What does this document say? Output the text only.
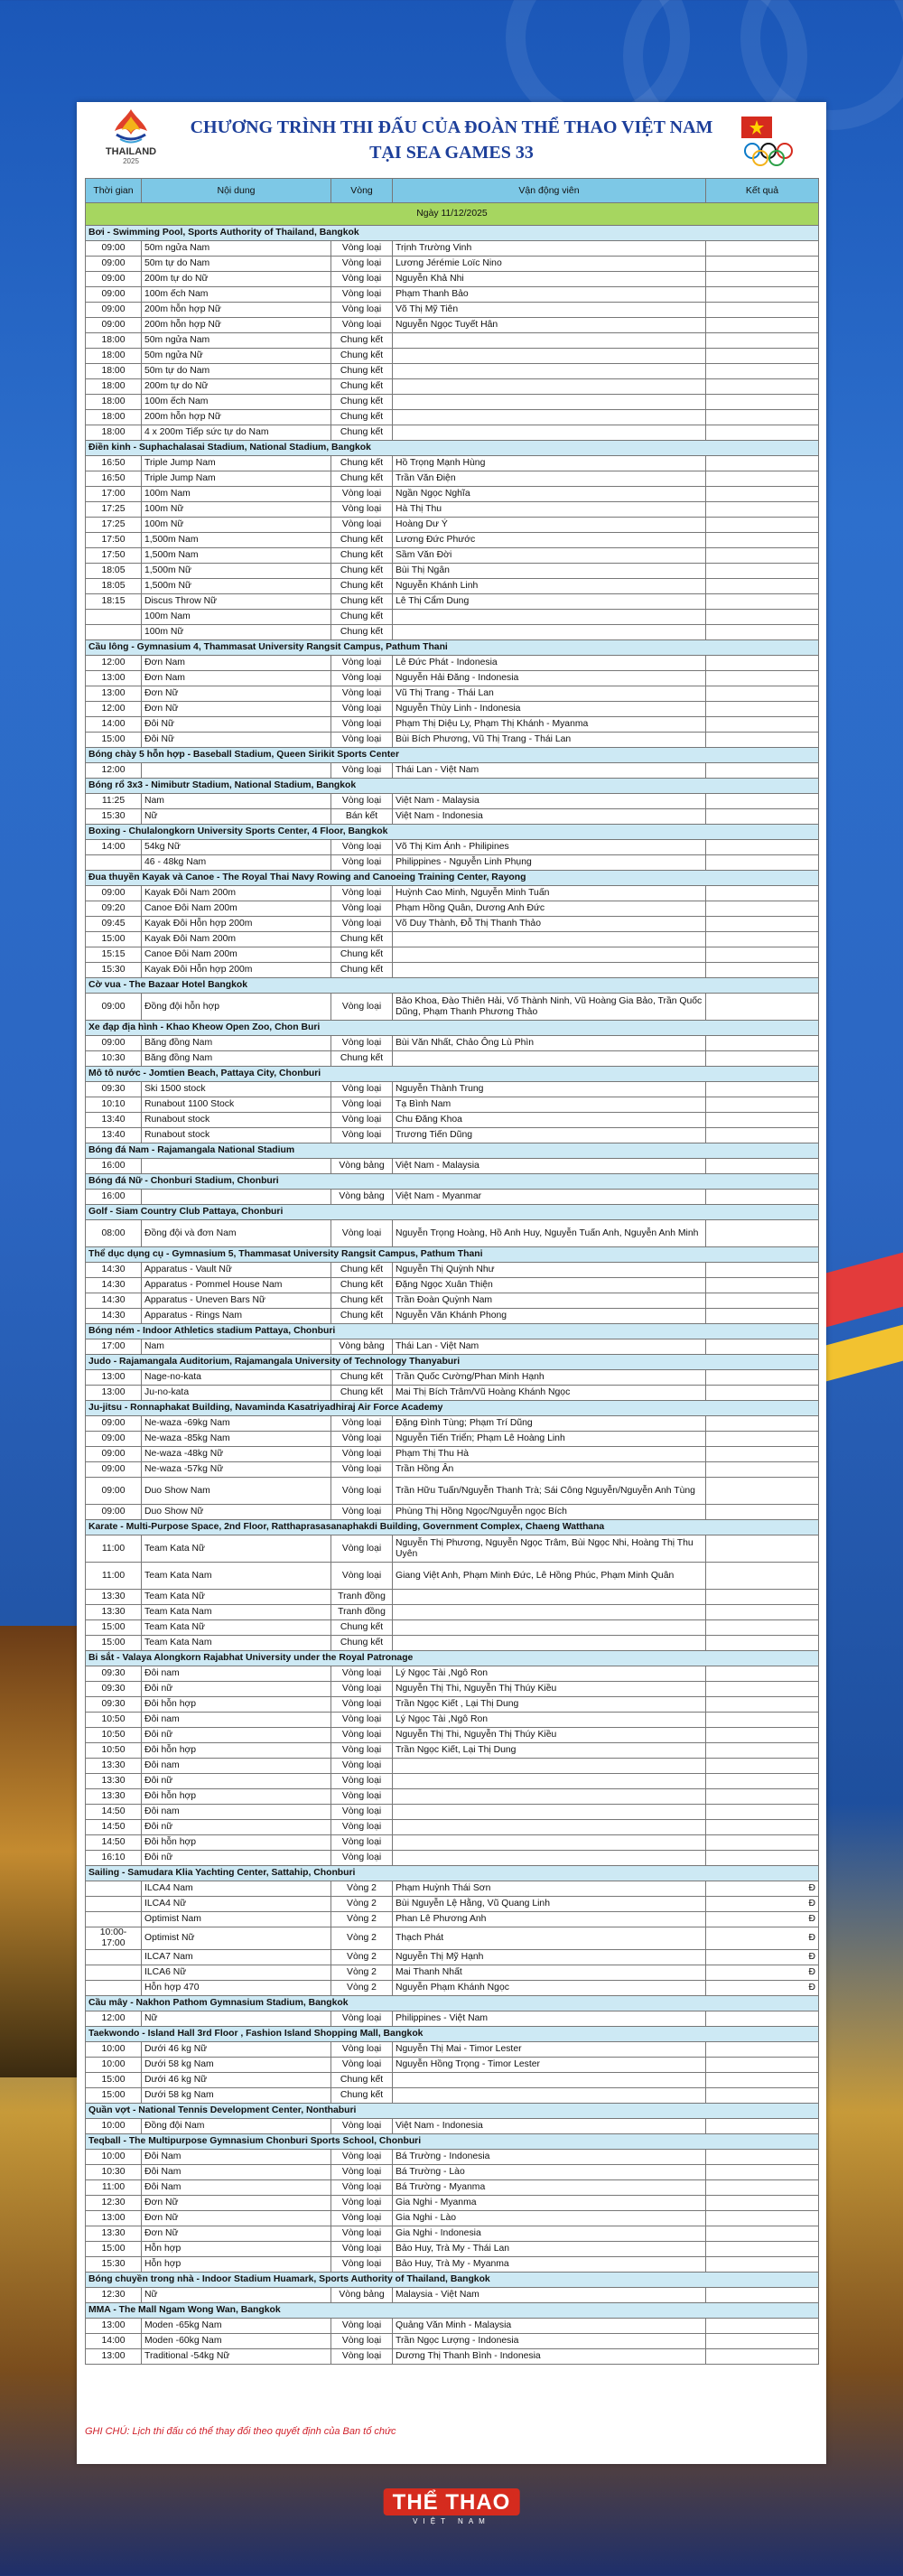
THAILAND
2025
CHƯƠNG TRÌNH THI ĐẤU CỦA ĐOÀN THỂ THAO VIỆT NAM
TẠI SEA GAMES 33
Thời gian	Nội dung	Vòng	Vận động viên	Kết quả
Ngày 11/12/2025				
Bơi - Swimming Pool, Sports Authority of Thailand, Bangkok				
09:00	50m ngửa Nam	Vòng loại	Trịnh Trường Vinh	
09:00	50m tự do Nam	Vòng loại	Lương Jérémie Loïc Nino	
09:00	200m tự do Nữ	Vòng loại	Nguyễn Khả Nhi	
09:00	100m ếch Nam	Vòng loại	Phạm Thanh Bảo	
09:00	200m hỗn hợp Nữ	Vòng loại	Võ Thị Mỹ Tiên	
09:00	200m hỗn hợp Nữ	Vòng loại	Nguyễn Ngọc Tuyết Hân	
18:00	50m ngửa Nam	Chung kết		
18:00	50m ngửa Nữ	Chung kết		
18:00	50m tự do Nam	Chung kết		
18:00	200m tự do Nữ	Chung kết		
18:00	100m ếch Nam	Chung kết		
18:00	200m hỗn hợp Nữ	Chung kết		
18:00	4 x 200m Tiếp sức tự do Nam	Chung kết		
Điền kinh - Suphachalasai Stadium, National Stadium, Bangkok				
16:50	Triple Jump Nam	Chung kết	Hồ Trọng Mạnh Hùng	
16:50	Triple Jump Nam	Chung kết	Trần Văn Điện	
17:00	100m Nam	Vòng loại	Ngần Ngọc Nghĩa	
17:25	100m Nữ	Vòng loại	Hà Thị Thu	
17:25	100m Nữ	Vòng loại	Hoàng Dư Ý	
17:50	1,500m Nam	Chung kết	Lương Đức Phước	
17:50	1,500m Nam	Chung kết	Sầm Văn Đời	
18:05	1,500m Nữ	Chung kết	Bùi Thị Ngân	
18:05	1,500m Nữ	Chung kết	Nguyễn Khánh Linh	
18:15	Discus Throw Nữ	Chung kết	Lê Thị Cẩm Dung	
	100m Nam	Chung kết		
	100m Nữ	Chung kết		
Cầu lông - Gymnasium 4, Thammasat University Rangsit Campus, Pathum Thani				
12:00	Đơn Nam	Vòng loại	Lê Đức Phát - Indonesia	
13:00	Đơn Nam	Vòng loại	Nguyễn Hải Đăng - Indonesia	
13:00	Đơn Nữ	Vòng loại	Vũ Thị Trang - Thái Lan	
12:00	Đơn Nữ	Vòng loại	Nguyễn Thùy Linh - Indonesia	
14:00	Đôi Nữ	Vòng loại	Phạm Thị Diệu Ly, Phạm Thị Khánh - Myanma	
15:00	Đôi Nữ	Vòng loại	Bùi Bích Phương, Vũ Thị Trang - Thái Lan	
Bóng chày 5 hỗn hợp - Baseball Stadium, Queen Sirikit Sports Center				
12:00		Vòng loại	Thái Lan - Việt Nam	
Bóng rổ 3x3 - Nimibutr Stadium, National Stadium, Bangkok				
11:25	Nam	Vòng loại	Việt Nam - Malaysia	
15:30	Nữ	Bán kết	Việt Nam - Indonesia	
Boxing - Chulalongkorn University Sports Center, 4 Floor, Bangkok				
14:00	54kg Nữ	Vòng loại	Võ Thị Kim Ánh - Philipines	
	46 - 48kg Nam	Vòng loại	Philippines - Nguyễn Linh Phụng	
Đua thuyền Kayak và Canoe - The Royal Thai Navy Rowing and Canoeing Training Center, Rayong				
09:00	Kayak Đôi Nam 200m	Vòng loại	Huỳnh Cao Minh, Nguyễn Minh Tuấn	
09:20	Canoe Đôi Nam 200m	Vòng loại	Phạm Hồng Quân, Dương Anh Đức	
09:45	Kayak Đôi Hỗn hợp 200m	Vòng loại	Võ Duy Thành, Đỗ Thị Thanh Thảo	
15:00	Kayak Đôi Nam 200m	Chung kết		
15:15	Canoe Đôi Nam 200m	Chung kết		
15:30	Kayak Đôi Hỗn hợp 200m	Chung kết		
Cờ vua - The Bazaar Hotel Bangkok				
09:00	Đồng đội hỗn hợp	Vòng loại	Bảo Khoa, Đào Thiên Hải, Vố Thành Ninh, Vũ Hoàng Gia Bảo, Trần Quốc Dũng, Phạm Thanh Phương Thảo	
Xe đạp địa hình - Khao Kheow Open Zoo, Chon Buri				
09:00	Băng đồng Nam	Vòng loại	Bùi Văn Nhất, Chảo Ông Lù Phìn	
10:30	Băng đồng Nam	Chung kết		
Mô tô nước - Jomtien Beach, Pattaya City, Chonburi				
09:30	Ski 1500 stock	Vòng loại	Nguyễn Thành Trung	
10:10	Runabout 1100 Stock	Vòng loại	Tạ Bình Nam	
13:40	Runabout stock	Vòng loại	Chu Đăng Khoa	
13:40	Runabout stock	Vòng loại	Trương Tiến Dũng	
Bóng đá Nam - Rajamangala National Stadium				
16:00		Vòng bảng	Việt Nam - Malaysia	
Bóng đá Nữ - Chonburi Stadium, Chonburi				
16:00		Vòng bảng	Việt Nam - Myanmar	
Golf - Siam Country Club Pattaya, Chonburi				
08:00	Đồng đội và đơn Nam	Vòng loại	Nguyễn Trọng Hoàng, Hồ Anh Huy, Nguyễn Tuấn Anh, Nguyễn Anh Minh	
Thể dục dụng cụ - Gymnasium 5, Thammasat University Rangsit Campus, Pathum Thani				
14:30	Apparatus - Vault Nữ	Chung kết	Nguyễn Thị Quỳnh Như	
14:30	Apparatus - Pommel House Nam	Chung kết	Đặng Ngọc Xuân Thiện	
14:30	Apparatus - Uneven Bars Nữ	Chung kết	Trần Đoàn Quỳnh Nam	
14:30	Apparatus - Rings Nam	Chung kết	Nguyễn Văn Khánh Phong	
Bóng ném - Indoor Athletics stadium Pattaya, Chonburi				
17:00	Nam	Vòng bảng	Thái Lan - Việt Nam	
Judo - Rajamangala Auditorium, Rajamangala University of Technology Thanyaburi				
13:00	Nage-no-kata	Chung kết	Trần Quốc Cường/Phan Minh Hạnh	
13:00	Ju-no-kata	Chung kết	Mai Thị Bích Trâm/Vũ Hoàng Khánh Ngọc	
Ju-jitsu - Ronnaphakat Building, Navaminda Kasatriyadhiraj Air Force Academy				
09:00	Ne-waza -69kg Nam	Vòng loại	Đặng Đình Tùng; Phạm Trí Dũng	
09:00	Ne-waza -85kg Nam	Vòng loại	Nguyễn Tiến Triển; Phạm Lê Hoàng Linh	
09:00	Ne-waza -48kg Nữ	Vòng loại	Phạm Thị Thu Hà	
09:00	Ne-waza -57kg Nữ	Vòng loại	Trần Hồng Ân	
09:00	Duo Show Nam	Vòng loại	Trần Hữu Tuấn/Nguyễn Thanh Trà; Sái Công Nguyễn/Nguyễn Anh Tùng	
09:00	Duo Show Nữ	Vòng loại	Phùng Thị Hồng Ngọc/Nguyễn ngọc Bích	
Karate - Multi-Purpose Space, 2nd Floor, Ratthaprasasanaphakdi Building, Government Complex, Chaeng Watthana				
11:00	Team Kata Nữ	Vòng loại	Nguyễn Thị Phương, Nguyễn Ngọc Trâm, Bùi Ngọc Nhi, Hoàng Thị Thu Uyên	
11:00	Team Kata Nam	Vòng loại	Giang Việt Anh, Phạm Minh Đức, Lê Hồng Phúc, Phạm Minh Quân	
13:30	Team Kata Nữ	Tranh đồng		
13:30	Team Kata Nam	Tranh đồng		
15:00	Team Kata Nữ	Chung kết		
15:00	Team Kata Nam	Chung kết		
Bi sắt - Valaya Alongkorn Rajabhat University under the Royal Patronage				
09:30	Đôi nam	Vòng loại	Lý Ngọc Tài ,Ngô Ron	
09:30	Đôi nữ	Vòng loại	Nguyễn Thị Thi, Nguyễn Thị Thúy Kiều	
09:30	Đôi hỗn hợp	Vòng loại	Trần Ngọc Kiết , Lại Thị Dung	
10:50	Đôi nam	Vòng loại	Lý Ngọc Tài ,Ngô Ron	
10:50	Đôi nữ	Vòng loại	Nguyễn Thị Thi, Nguyễn Thị Thúy Kiều	
10:50	Đôi hỗn hợp	Vòng loại	Trần Ngọc Kiết, Lại Thị Dung	
13:30	Đôi nam	Vòng loại		
13:30	Đôi nữ	Vòng loại		
13:30	Đôi hỗn hợp	Vòng loại		
14:50	Đôi nam	Vòng loại		
14:50	Đôi nữ	Vòng loại		
14:50	Đôi hỗn hợp	Vòng loại		
16:10	Đôi nữ	Vòng loại		
Sailing - Samudara Klia Yachting Center, Sattahip, Chonburi				
	ILCA4 Nam	Vòng 2	Phạm Huỳnh Thái Sơn	Đ
	ILCA4 Nữ	Vòng 2	Bùi Nguyễn Lệ Hằng, Vũ Quang Linh	Đ
	Optimist Nam	Vòng 2	Phan Lê Phương Anh	Đ
10:00-17:00	Optimist Nữ	Vòng 2	Thạch Phát	Đ
	ILCA7 Nam	Vòng 2	Nguyễn Thị Mỹ Hạnh	Đ
	ILCA6 Nữ	Vòng 2	Mai Thanh Nhất	Đ
	Hỗn hợp 470	Vòng 2	Nguyễn Phạm Khánh Ngọc	Đ
Cầu mây - Nakhon Pathom Gymnasium Stadium, Bangkok				
12:00	Nữ	Vòng loại	Philippines - Việt Nam	
Taekwondo - Island Hall 3rd Floor , Fashion Island Shopping Mall, Bangkok				
10:00	Dưới 46 kg Nữ	Vòng loại	Nguyễn Thị Mai - Timor Lester	
10:00	Dưới 58 kg Nam	Vòng loại	Nguyễn Hồng Trọng - Timor Lester	
15:00	Dưới 46 kg Nữ	Chung kết		
15:00	Dưới 58 kg Nam	Chung kết		
Quần vợt - National Tennis Development Center, Nonthaburi				
10:00	Đồng đội Nam	Vòng loại	Việt Nam - Indonesia	
Teqball - The Multipurpose Gymnasium Chonburi Sports School, Chonburi				
10:00	Đôi Nam	Vòng loại	Bá Trường - Indonesia	
10:30	Đôi Nam	Vòng loại	Bá Trường - Lào	
11:00	Đôi Nam	Vòng loại	Bá Trường - Myanma	
12:30	Đơn Nữ	Vòng loại	Gia Nghi - Myanma	
13:00	Đơn Nữ	Vòng loại	Gia Nghi - Lào	
13:30	Đơn Nữ	Vòng loại	Gia Nghi - Indonesia	
15:00	Hỗn hợp	Vòng loại	Bảo Huy, Trà My - Thái Lan	
15:30	Hỗn hợp	Vòng loại	Bảo Huy, Trà My - Myanma	
Bóng chuyền trong nhà - Indoor Stadium Huamark, Sports Authority of Thailand, Bangkok				
12:30	Nữ	Vòng bảng	Malaysia - Việt Nam	
MMA - The Mall Ngam Wong Wan, Bangkok				
13:00	Moden -65kg Nam	Vòng loại	Quảng Văn Minh - Malaysia	
14:00	Moden -60kg Nam	Vòng loại	Trần Ngọc Lượng - Indonesia	
13:00	Traditional -54kg Nữ	Vòng loại	Dương Thị Thanh Bình - Indonesia	
GHI CHÚ: Lịch thi đấu có thể thay đổi theo quyết định của Ban tổ chức
THỂ THAO
VIỆT NAM
